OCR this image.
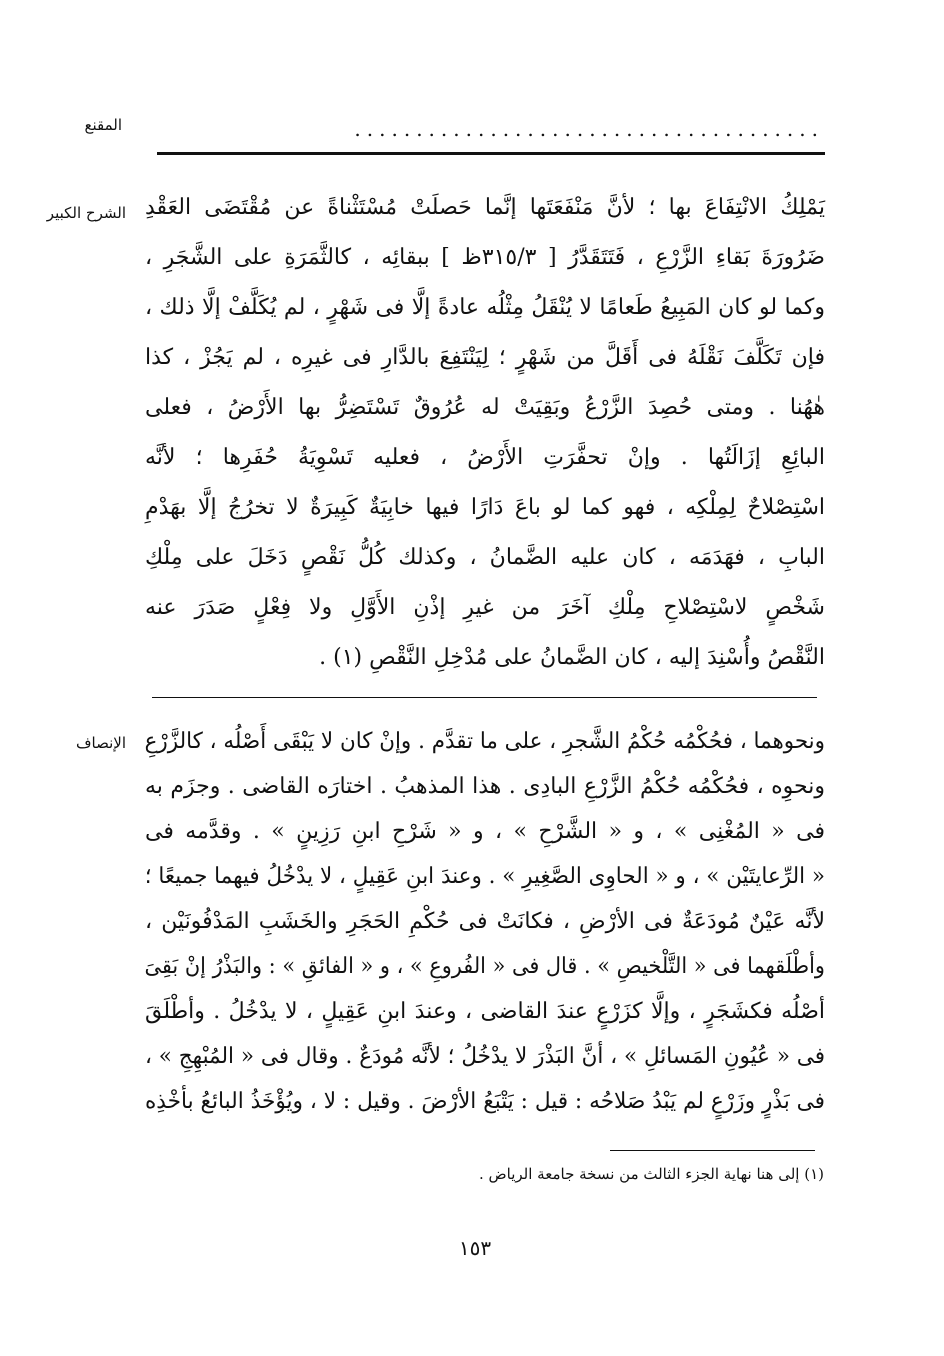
المقنع	......................................
الشرح الكبير يَمْلِكُ الانْتِفَاعَ بها ؛ لأنَّ مَنْفَعَتَها إنَّما حَصلَتْ مُسْتَثْناةً عن مُقْتَضَى العَقْدِ
ضَرُورَةَ بَقاءِ الزَّرْعِ ، فَتَتَقَدَّرُ [ ٣١٥/٣ظ ] ببقائِه ، كالثَّمَرَةِ على الشَّجَرِ ،
وكما لو كان المَبِيعُ طَعامًا لا يُنْقَلُ مِثْلُه عادةً إلَّا فى شَهْرٍ ، لم يُكَلَّفْ إلَّا ذلك ،
فإن تَكَلَّفَ نَقْلَهُ فى أَقَلَّ من شَهْرٍ ؛ لِيَنْتَفِعَ بالدَّارِ فى غيرِه ، لم يَجُزْ ، كذا
هٰهُنا . ومتى حُصِدَ الزَّرْعُ وبَقِيَتْ له عُرُوقٌ تَسْتَضِرُّ بها الأَرْضُ ، فعلى
البائِعِ إزَالَتُها . وإنْ تحفَّرَتِ الأَرْضُ ، فعليه تَسْوِيَةُ حُفَرِها ؛ لأنَّه
اسْتِصْلاحٌ لِمِلْكِه ، فهو كما لو باعَ دَارًا فيها خابِيَةٌ كَبِيرَةٌ لا تخرُجُ إلَّا بهَدْمِ
البابِ ، فهَدَمَه ، كان عليه الضَّمانُ ، وكذلك كُلُّ نَقْصٍ دَخَلَ على مِلْكِ
شَخْصٍ لاسْتِصْلاحِ مِلْكِ آخَرَ من غيرِ إذْنِ الأَوَّلِ ولا فِعْلٍ صَدَرَ عنه
النَّقْصُ وأُسْنِدَ إليه ، كان الضَّمانُ على مُدْخِلِ النَّقْصِ (١) .
الإنصاف ونحوهما ، فحُكْمُه حُكْمُ الشَّجرِ ، على ما تقدَّم . وإنْ كان لا يَبْقَى أَصْلُه ، كالزَّرْعِ
ونحوِه ، فحُكْمُه حُكْمُ الزَّرْعِ البادِى . هذا المذهبُ . اختارَه القاضى . وجزَم به
فى « المُغْنِى » ، و « الشَّرْحِ » ، و « شَرْحِ ابنِ رَزِينٍ » . وقدَّمه فى
« الرِّعايتَيْن » ، و « الحاوِى الصَّغِيرِ » . وعندَ ابنِ عَقِيلٍ ، لا يدْخُلُ فيهما جميعًا ؛
لأنَّه عَيْنٌ مُودَعَةٌ فى الأرْضِ ، فكانَتْ فى حُكْمِ الحَجَرِ والخَشَبِ المَدْفُونَيْن ،
وأطْلَقهما فى « التَّلْخيصِ » . قال فى « الفُروعِ » ، و « الفائقِ » : والبَذْرُ إنْ بَقِىَ
أصْلُه فكشَجَرٍ ، وإلَّا كزَرْعٍ عندَ القاضى ، وعندَ ابنِ عَقِيلٍ ، لا يدْخُلُ . وأطْلَقَ
فى « عُيُونِ المَسائلِ » ، أنَّ البَذْرَ لا يدْخُلُ ؛ لأنَّه مُودَعٌ . وقال فى « المُبْهِجِ » ،
فى بَذْرٍ وزَرْعٍ لم يَبْدُ صَلاحُه : قيل : يَتْبَعُ الأرْضَ . وقيل : لا ، ويُؤْخَذُ البائعُ بأخْذِه
(١) إلى هنا نهاية الجزء الثالث من نسخة جامعة الرياض .
١٥٣
